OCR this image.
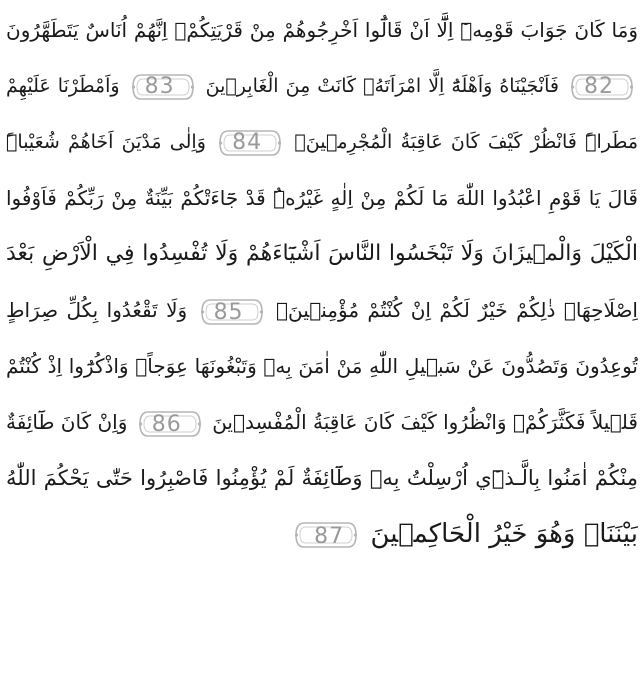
وَمَا كَانَ جَوَابَ قَوْمِهٖٓ اِلَّٓا اَنْ قَالُٓوا اَخْرِجُوهُمْ مِنْ قَرْيَتِكُمْۚ اِنَّهُمْ اُنَاسٌ يَتَطَهَّرُونَ
82 فَاَنْجَيْنَاهُ وَاَهْلَهُٓ اِلَّا امْرَاَتَهُۘ كَانَتْ مِنَ الْغَابِر۪ينَ
83 وَاَمْطَرْنَا عَلَيْهِمْ
مَطَراًۜ فَانْظُرْ كَيْفَ كَانَ عَاقِبَةُ الْمُجْرِم۪ينَ۟
84 وَاِلٰى مَدْيَنَ اَخَاهُمْ شُعَيْباًۜ
قَالَ يَا قَوْمِ اعْبُدُوا اللّٰهَ مَا لَكُمْ مِنْ اِلٰهٍ غَيْرُهُۜ قَدْ جَٓاءَتْكُمْ بَيِّنَةٌ مِنْ رَبِّكُمْ فَاَوْفُوا
الْكَيْلَ وَالْم۪يزَانَ وَلَا تَبْخَسُوا النَّاسَ اَشْيَٓاءَهُمْ وَلَا تُفْسِدُوا فِي الْاَرْضِ بَعْدَ
اِصْلَاحِهَاۜ ذٰلِكُمْ خَيْرٌ لَكُمْ اِنْ كُنْتُمْ مُؤْمِن۪ينَۚ
85 وَلَا تَقْعُدُوا بِكُلِّ صِرَاطٍ
تُوعِدُونَ وَتَصُدُّونَ عَنْ سَب۪يلِ اللّٰهِ مَنْ اٰمَنَ بِه۪ وَتَبْغُونَهَا عِوَجاًۚ وَاذْكُرُٓوا اِذْ كُنْتُمْ
قَل۪يلاً فَكَثَّرَكُمْۖ وَانْظُرُوا كَيْفَ كَانَ عَاقِبَةُ الْمُفْسِد۪ينَ
86 وَاِنْ كَانَ طَٓائِفَةٌ
مِنْكُمْ اٰمَنُوا بِالَّـذ۪ٓي اُرْسِلْتُ بِه۪ وَطَٓائِفَةٌ لَمْ يُؤْمِنُوا فَاصْبِرُوا حَتّٰى يَحْكُمَ اللّٰهُ
بَيْنَنَاۚ وَهُوَ خَيْرُ الْحَاكِم۪ينَ
87
